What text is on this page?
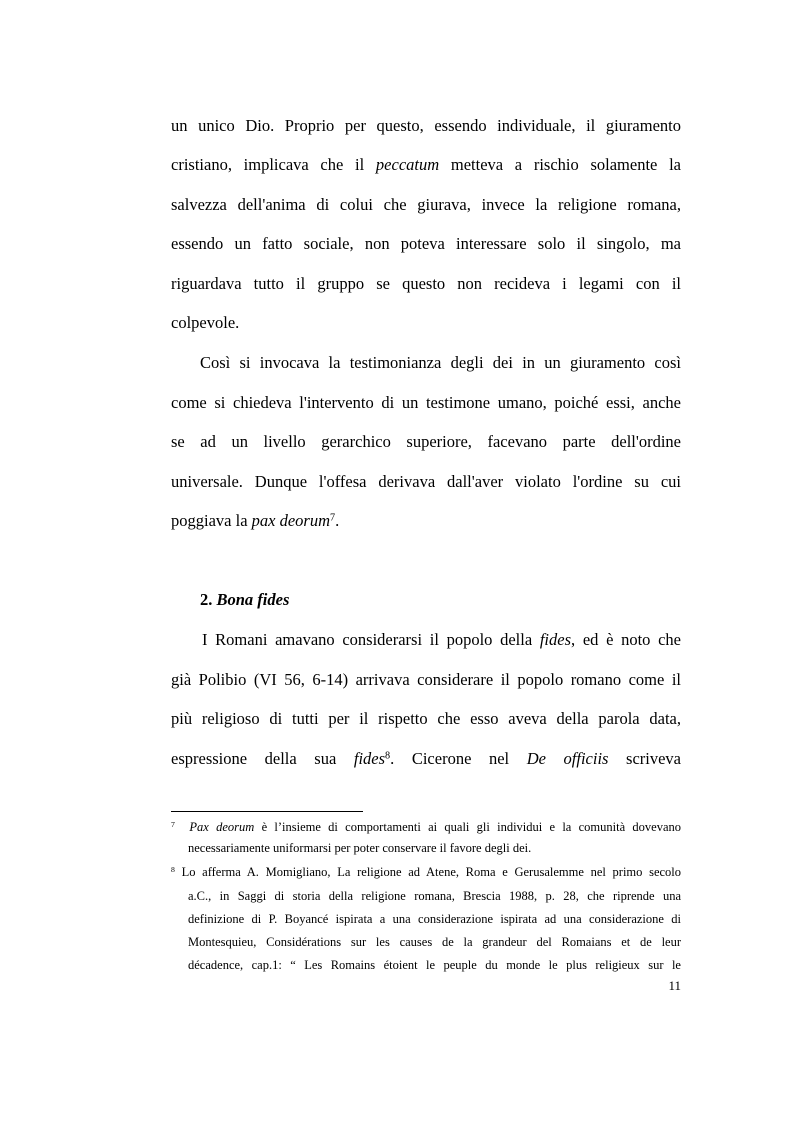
un unico Dio. Proprio per questo, essendo individuale, il giuramento
cristiano, implicava che il peccatum metteva a rischio solamente la
salvezza dell'anima di colui che giurava, invece la religione romana,
essendo un fatto sociale, non poteva interessare solo il singolo, ma
riguardava tutto il gruppo se questo non recideva i legami con il
colpevole.
Così si invocava la testimonianza degli dei in un giuramento così
come si chiedeva l'intervento di un testimone umano, poiché essi, anche
se ad un livello gerarchico superiore, facevano parte dell'ordine
universale. Dunque l'offesa derivava dall'aver violato l'ordine su cui
poggiava la pax deorum$^7$.
2. Bona fides
I Romani amavano considerarsi il popolo della fides, ed è noto che
già Polibio (VI 56, 6-14) arrivava considerare il popolo romano come il
più religioso di tutti per il rispetto che esso aveva della parola data,
espressione della sua fides$^8$. Cicerone nel De officiis scriveva
$^7$ Pax deorum è l’insieme di comportamenti ai quali gli individui e la comunità dovevano
necessariamente uniformarsi per poter conservare il favore degli dei.
$^8$ Lo afferma A. Momigliano, La religione ad Atene, Roma e Gerusalemme nel primo secolo
a.C., in Saggi di storia della religione romana, Brescia 1988, p. 28, che riprende una
definizione di P. Boyancé ispirata a una considerazione ispirata ad una considerazione di
Montesquieu, Considérations sur les causes de la grandeur del Romaians et de leur
décadence, cap.1: “ Les Romains étoient le peuple du monde le plus religieux sur le
11
